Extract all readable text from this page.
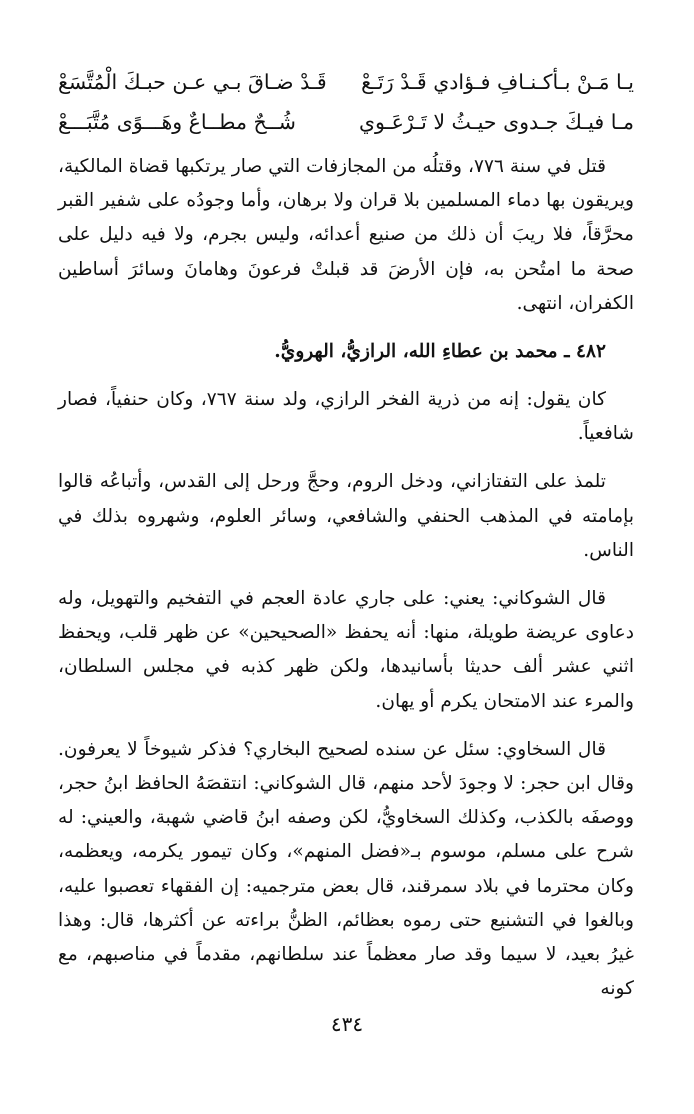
يـا مَـنْ بـأكـنـافِ فـؤادي قَـدْ رَتَـعْ
قَـدْ ضـاقَ بـي عـن حبـكَ الْمُتَّسَعْ
مـا فيـكَ جـدوى حيـثُ لا تَـرْعَـوي
شُــحٌ مطــاعٌ وهَـــوًى مُتَّبَـــعْ

قتل في سنة ٧٧٦، وقتلُه من المجازفات التي صار يرتكبها قضاة المالكية، ويريقون بها دماء المسلمين بلا قران ولا برهان، وأما وجودُه على شفير القبر محرَّقاً، فلا ريبَ أن ذلك من صنيع أعدائه، وليس بجرم، ولا فيه دليل على صحة ما امتُحن به، فإن الأرضَ قد قبلتْ فرعونَ وهامانَ وسائرَ أساطين الكفران، انتهى.

٤٨٢ ـ محمد بن عطاءِ الله، الرازيُّ، الهرويُّ.

كان يقول: إنه من ذرية الفخر الرازي، ولد سنة ٧٦٧، وكان حنفياً، فصار شافعياً.

تلمذ على التفتازاني، ودخل الروم، وحجَّ ورحل إلى القدس، وأتباعُه قالوا بإمامته في المذهب الحنفي والشافعي، وسائر العلوم، وشهروه بذلك في الناس.

قال الشوكاني: يعني: على جاري عادة العجم في التفخيم والتهويل، وله دعاوى عريضة طويلة، منها: أنه يحفظ «الصحيحين» عن ظهر قلب، ويحفظ اثني عشر ألف حديثا بأسانيدها، ولكن ظهر كذبه في مجلس السلطان، والمرء عند الامتحان يكرم أو يهان.

قال السخاوي: سئل عن سنده لصحيح البخاري؟ فذكر شيوخاً لا يعرفون. وقال ابن حجر: لا وجودَ لأحد منهم، قال الشوكاني: انتقصَهُ الحافظ ابنُ حجر، ووصفَه بالكذب، وكذلك السخاويُّ، لكن وصفه ابنُ قاضي شهبة، والعيني: له شرح على مسلم، موسوم بـ«فضل المنهم»، وكان تيمور يكرمه، ويعظمه، وكان محترما في بلاد سمرقند، قال بعض مترجميه: إن الفقهاء تعصبوا عليه، وبالغوا في التشنيع حتى رموه بعظائم، الظنُّ براءته عن أكثرها، قال: وهذا غيرُ بعيد، لا سيما وقد صار معظماً عند سلطانهم، مقدماً في مناصبهم، مع كونه

٤٣٤
